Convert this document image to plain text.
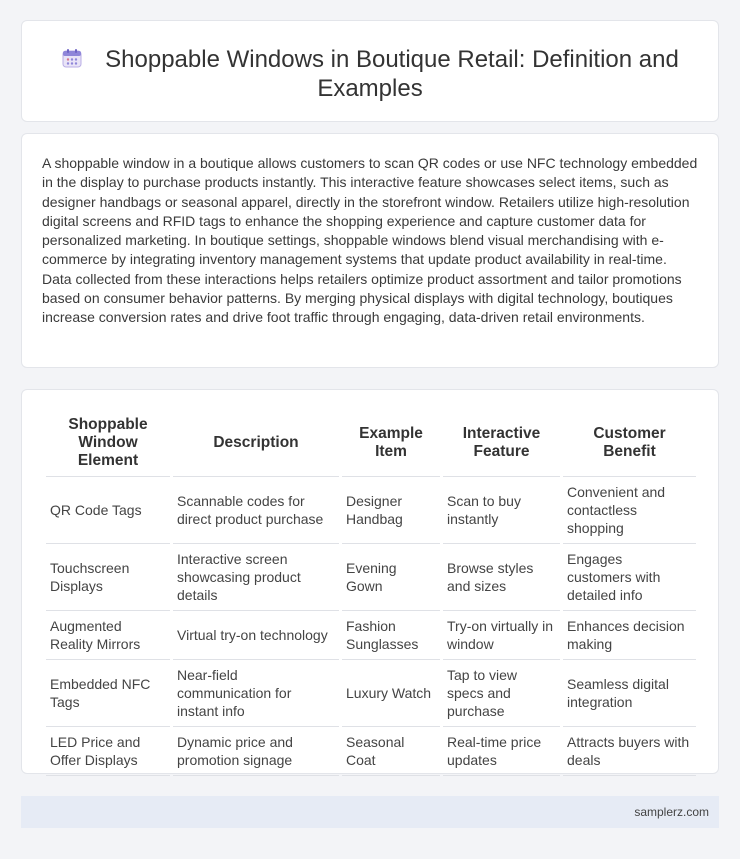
Shoppable Windows in Boutique Retail: Definition and Examples
A shoppable window in a boutique allows customers to scan QR codes or use NFC technology embedded in the display to purchase products instantly. This interactive feature showcases select items, such as designer handbags or seasonal apparel, directly in the storefront window. Retailers utilize high-resolution digital screens and RFID tags to enhance the shopping experience and capture customer data for personalized marketing. In boutique settings, shoppable windows blend visual merchandising with e-commerce by integrating inventory management systems that update product availability in real-time. Data collected from these interactions helps retailers optimize product assortment and tailor promotions based on consumer behavior patterns. By merging physical displays with digital technology, boutiques increase conversion rates and drive foot traffic through engaging, data-driven retail environments.
Shoppable Window Element	Description	Example Item	Interactive Feature	Customer Benefit
QR Code Tags	Scannable codes for direct product purchase	Designer Handbag	Scan to buy instantly	Convenient and contactless shopping
Touchscreen Displays	Interactive screen showcasing product details	Evening Gown	Browse styles and sizes	Engages customers with detailed info
Augmented Reality Mirrors	Virtual try-on technology	Fashion Sunglasses	Try-on virtually in window	Enhances decision making
Embedded NFC Tags	Near-field communication for instant info	Luxury Watch	Tap to view specs and purchase	Seamless digital integration
LED Price and Offer Displays	Dynamic price and promotion signage	Seasonal Coat	Real-time price updates	Attracts buyers with deals
samplerz.com
